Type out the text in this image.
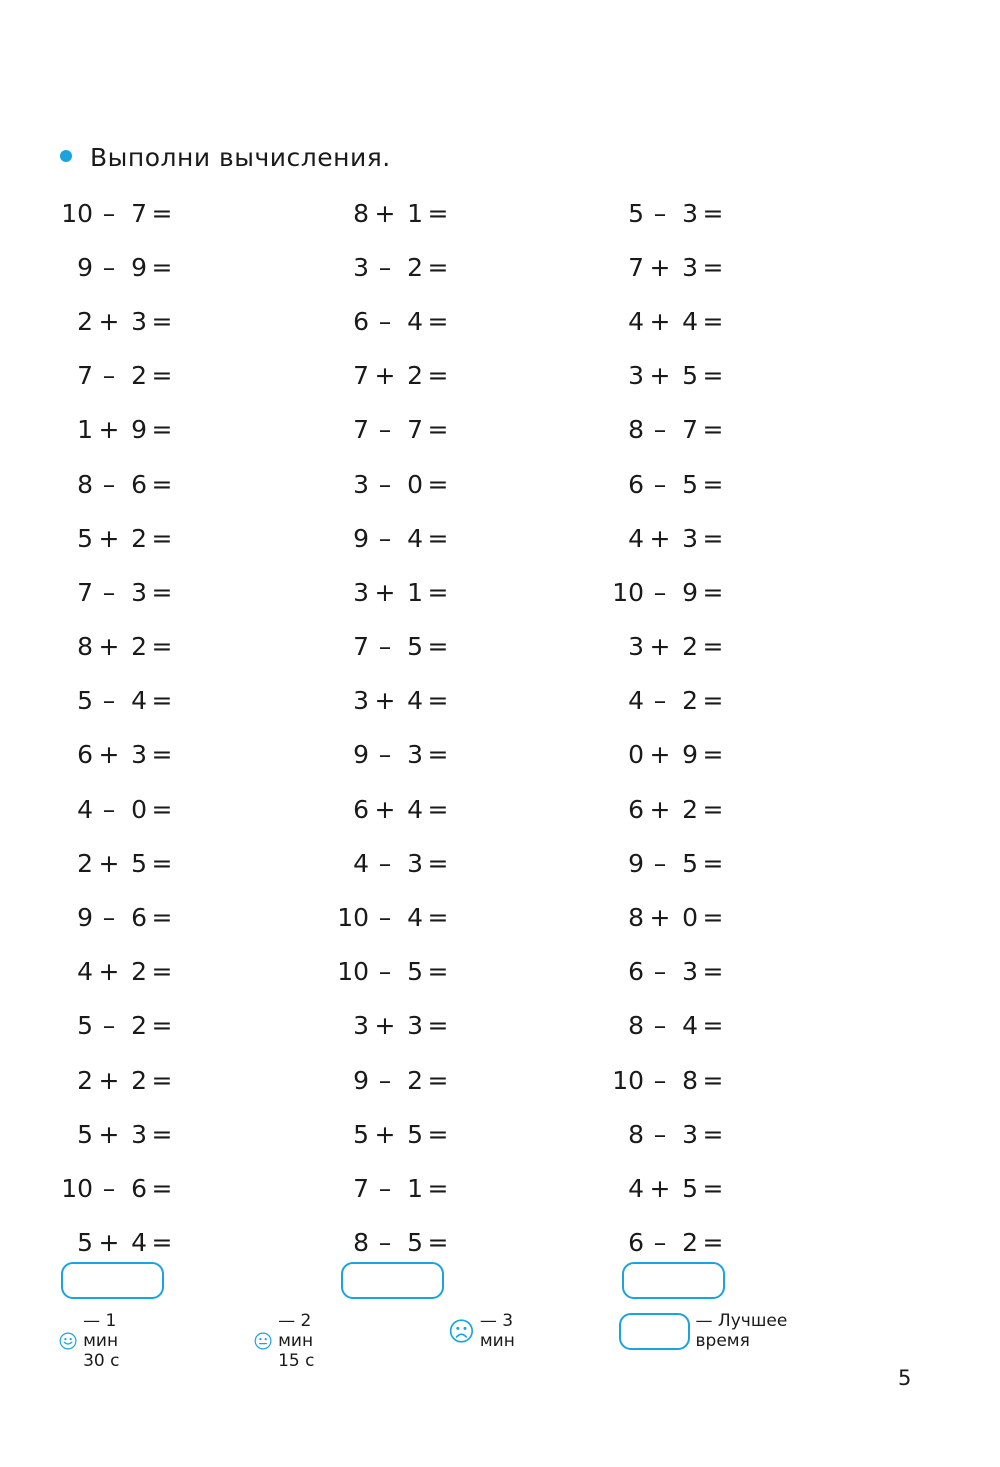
Выполни вычисления.
10 – 7 =
9 – 9 =
2 + 3 =
7 – 2 =
1 + 9 =
8 – 6 =
5 + 2 =
7 – 3 =
8 + 2 =
5 – 4 =
6 + 3 =
4 – 0 =
2 + 5 =
9 – 6 =
4 + 2 =
5 – 2 =
2 + 2 =
5 + 3 =
10 – 6 =
5 + 4 =
8 + 1 =
3 – 2 =
6 – 4 =
7 + 2 =
7 – 7 =
3 – 0 =
9 – 4 =
3 + 1 =
7 – 5 =
3 + 4 =
9 – 3 =
6 + 4 =
4 – 3 =
10 – 4 =
10 – 5 =
3 + 3 =
9 – 2 =
5 + 5 =
7 – 1 =
8 – 5 =
5 – 3 =
7 + 3 =
4 + 4 =
3 + 5 =
8 – 7 =
6 – 5 =
4 + 3 =
10 – 9 =
3 + 2 =
4 – 2 =
0 + 9 =
6 + 2 =
9 – 5 =
8 + 0 =
6 – 3 =
8 – 4 =
10 – 8 =
8 – 3 =
4 + 5 =
6 – 2 =
— 1 мин 30 с
— 2 мин 15 с
— 3 мин
— Лучшее время
5
